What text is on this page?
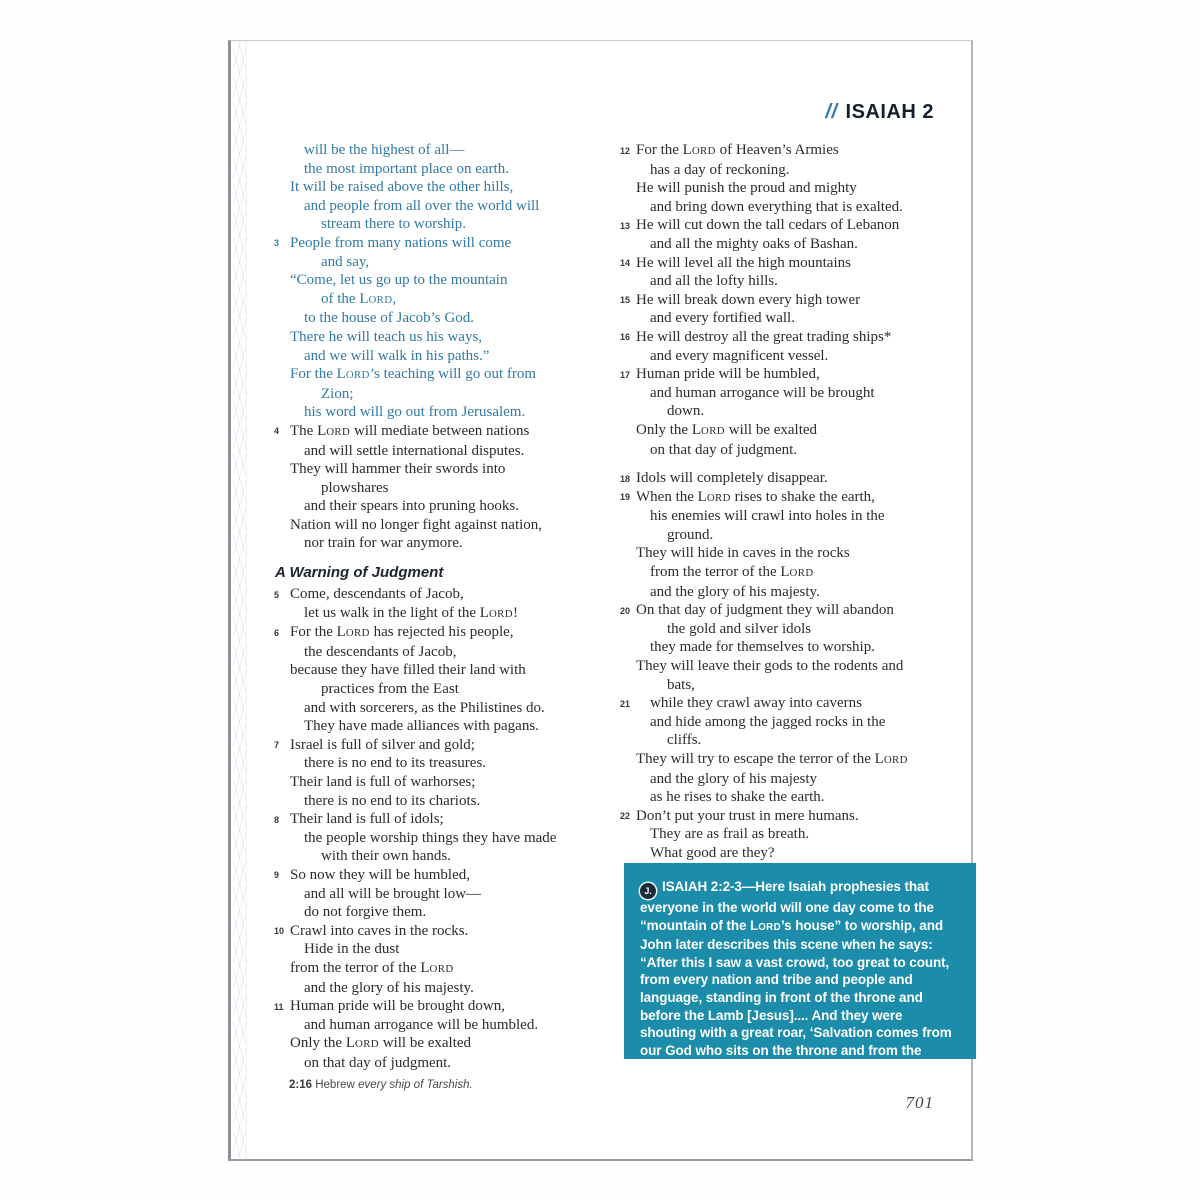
// ISAIAH 2
will be the highest of all—
the most important place on earth.
It will be raised above the other hills,
and people from all over the world will
stream there to worship.
3 People from many nations will come
and say,
“Come, let us go up to the mountain
of the LORD,
to the house of Jacob’s God.
There he will teach us his ways,
and we will walk in his paths.”
For the LORD’s teaching will go out from
Zion;
his word will go out from Jerusalem.
4 The LORD will mediate between nations
and will settle international disputes.
They will hammer their swords into
plowshares
and their spears into pruning hooks.
Nation will no longer fight against nation,
nor train for war anymore.
A Warning of Judgment
5 Come, descendants of Jacob,
let us walk in the light of the LORD!
6 For the LORD has rejected his people,
the descendants of Jacob,
because they have filled their land with
practices from the East
and with sorcerers, as the Philistines do.
They have made alliances with pagans.
7 Israel is full of silver and gold;
there is no end to its treasures.
Their land is full of warhorses;
there is no end to its chariots.
8 Their land is full of idols;
the people worship things they have made
with their own hands.
9 So now they will be humbled,
and all will be brought low—
do not forgive them.
10 Crawl into caves in the rocks.
Hide in the dust
from the terror of the LORD
and the glory of his majesty.
11 Human pride will be brought down,
and human arrogance will be humbled.
Only the LORD will be exalted
on that day of judgment.
12 For the LORD of Heaven’s Armies
has a day of reckoning.
He will punish the proud and mighty
and bring down everything that is exalted.
13 He will cut down the tall cedars of Lebanon
and all the mighty oaks of Bashan.
14 He will level all the high mountains
and all the lofty hills.
15 He will break down every high tower
and every fortified wall.
16 He will destroy all the great trading ships*
and every magnificent vessel.
17 Human pride will be humbled,
and human arrogance will be brought
down.
Only the LORD will be exalted
on that day of judgment.
18 Idols will completely disappear.
19 When the LORD rises to shake the earth,
his enemies will crawl into holes in the
ground.
They will hide in caves in the rocks
from the terror of the LORD
and the glory of his majesty.
20 On that day of judgment they will abandon
the gold and silver idols
they made for themselves to worship.
They will leave their gods to the rodents and
bats,
21 while they crawl away into caverns
and hide among the jagged rocks in the
cliffs.
They will try to escape the terror of the LORD
and the glory of his majesty
as he rises to shake the earth.
22 Don’t put your trust in mere humans.
They are as frail as breath.
What good are they?
J. ISAIAH 2:2-3—Here Isaiah prophesies that everyone in the world will one day come to the “mountain of the LORD’s house” to worship, and John later describes this scene when he says: “After this I saw a vast crowd, too great to count, from every nation and tribe and people and language, standing in front of the throne and before the Lamb [Jesus].... And they were shouting with a great roar, ‘Salvation comes from our God who sits on the throne and from the Lamb!’ ” (Revelation 7:9-10).
2:16 Hebrew every ship of Tarshish.
701
